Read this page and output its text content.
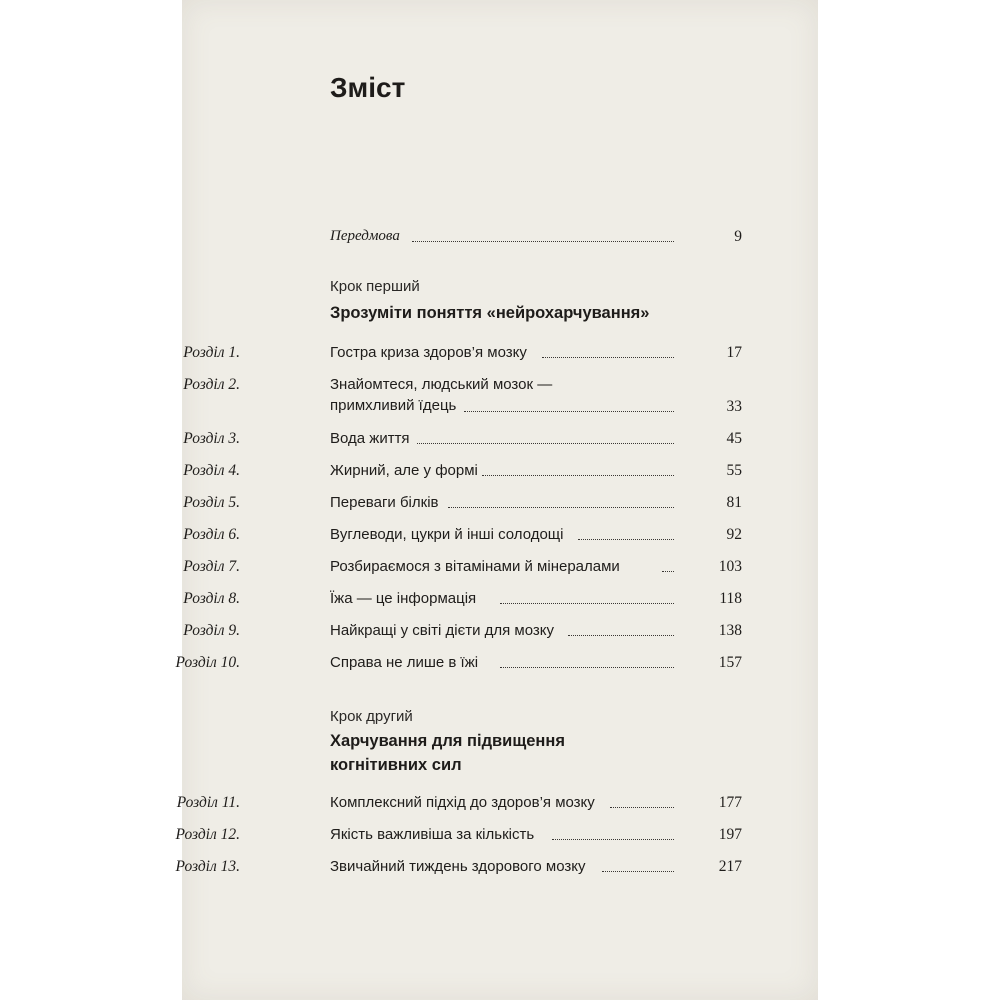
Зміст
Передмова	9
Крок перший
Зрозуміти поняття «нейрохарчування»
Розділ 1.	Гостра криза здоров’я мозку	17
Розділ 2.	Знайомтеся, людський мозок —
примхливий їдець	33
Розділ 3.	Вода життя	45
Розділ 4.	Жирний, але у формі	55
Розділ 5.	Переваги білків	81
Розділ 6.	Вуглеводи, цукри й інші солодощі	92
Розділ 7.	Розбираємося з вітамінами й мінералами	103
Розділ 8.	Їжа — це інформація	118
Розділ 9.	Найкращі у світі дієти для мозку	138
Розділ 10.	Справа не лише в їжі	157
Крок другий
Харчування для підвищення
когнітивних сил
Розділ 11.	Комплексний підхід до здоров’я мозку	177
Розділ 12.	Якість важливіша за кількість	197
Розділ 13.	Звичайний тиждень здорового мозку	217
